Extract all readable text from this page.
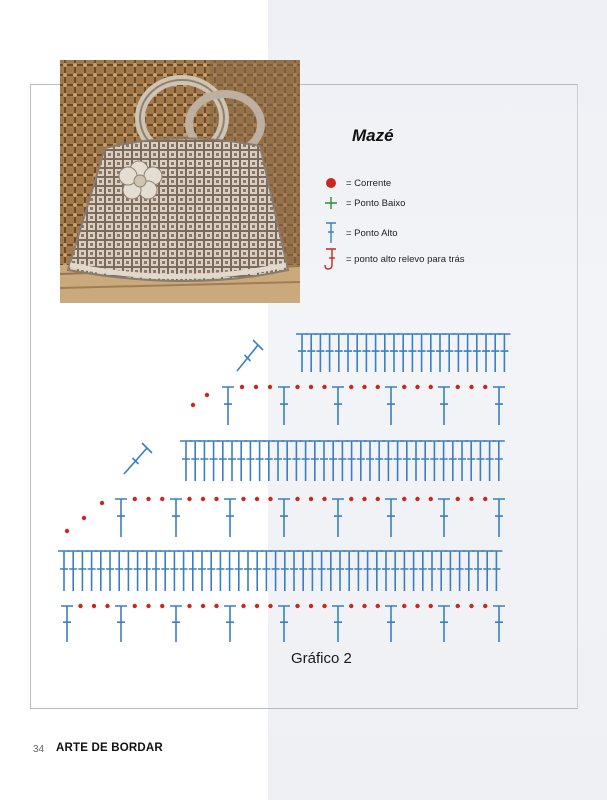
Mazé
= Corrente
= Ponto Baixo
= Ponto Alto
= ponto alto relevo para trás
Gráfico 2
34 ARTE DE BORDAR
